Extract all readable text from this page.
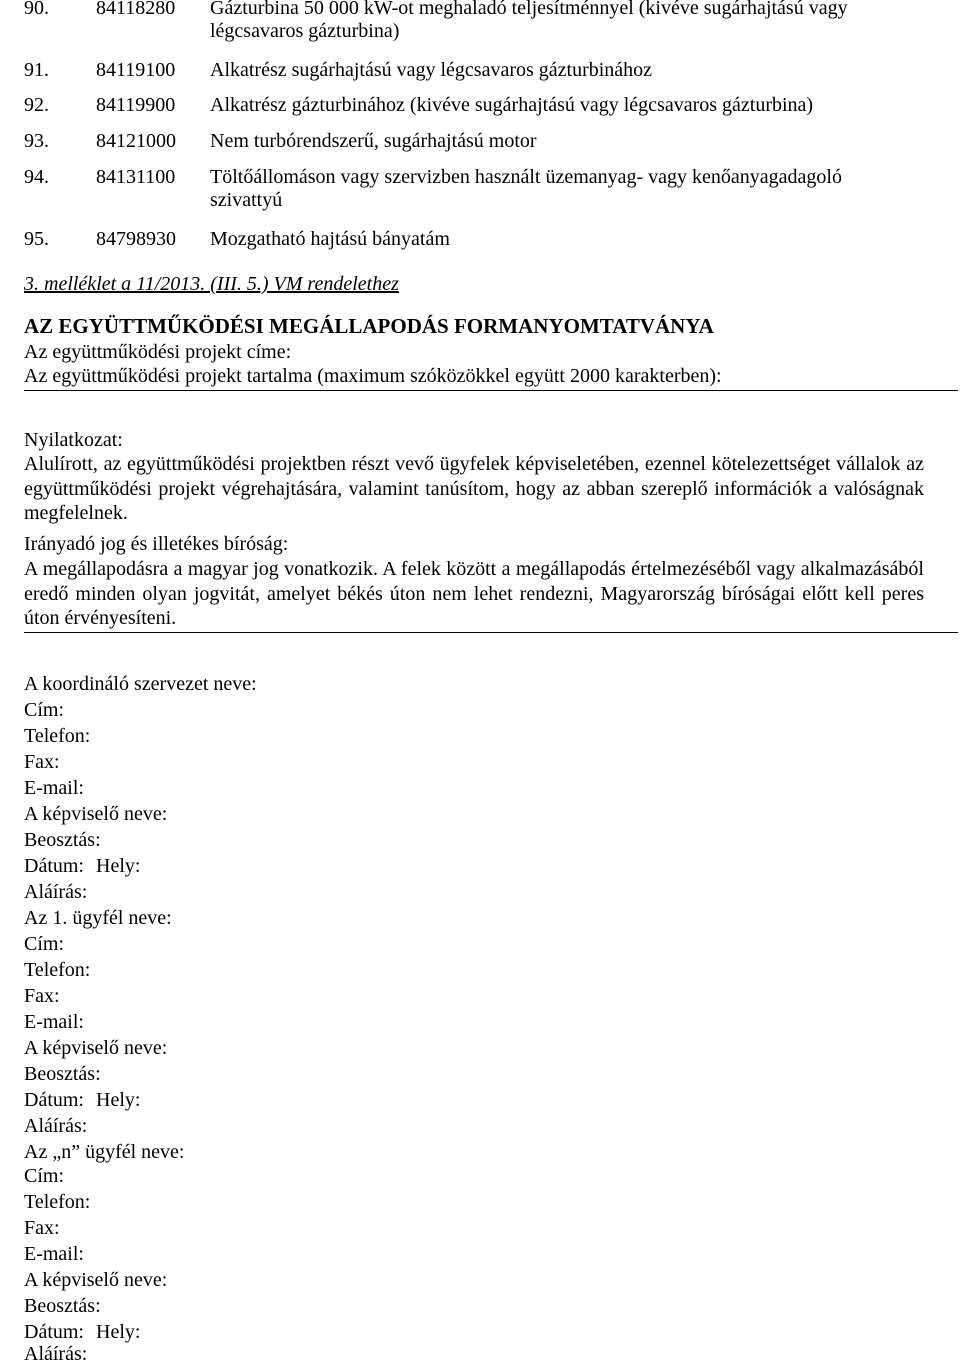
90.	84118280	Gázturbina 50 000 kW-ot meghaladó teljesítménnyel (kivéve sugárhajtású vagy légcsavaros gázturbina)
91.	84119100	Alkatrész sugárhajtású vagy légcsavaros gázturbinához
92.	84119900	Alkatrész gázturbinához (kivéve sugárhajtású vagy légcsavaros gázturbina)
93.	84121000	Nem turbórendszerű, sugárhajtású motor
94.	84131100	Töltőállomáson vagy szervizben használt üzemanyag- vagy kenőanyagadagoló szivattyú
95.	84798930	Mozgatható hajtású bányatám
3. melléklet a 11/2013. (III. 5.) VM rendelethez
AZ EGYÜTTMŰKÖDÉSI MEGÁLLAPODÁS FORMANYOMTATVÁNYA
Az együttműködési projekt címe:
Az együttműködési projekt tartalma (maximum szóközökkel együtt 2000 karakterben):
Nyilatkozat:
Alulírott, az együttműködési projektben részt vevő ügyfelek képviseletében, ezennel kötelezettséget vállalok az együttműködési projekt végrehajtására, valamint tanúsítom, hogy az abban szereplő információk a valóságnak megfelelnek.
Irányadó jog és illetékes bíróság:
A megállapodásra a magyar jog vonatkozik. A felek között a megállapodás értelmezéséből vagy alkalmazásából eredő minden olyan jogvitát, amelyet békés úton nem lehet rendezni, Magyarország bíróságai előtt kell peres úton érvényesíteni.
A koordináló szervezet neve:
Cím:
Telefon:
Fax:
E-mail:
A képviselő neve:
Beosztás:
Dátum: Hely:
Aláírás:
Az 1. ügyfél neve:
Cím:
Telefon:
Fax:
E-mail:
A képviselő neve:
Beosztás:
Dátum: Hely:
Aláírás:
Az „n” ügyfél neve:
Cím:
Telefon:
Fax:
E-mail:
A képviselő neve:
Beosztás:
Dátum: Hely:
Aláírás:
